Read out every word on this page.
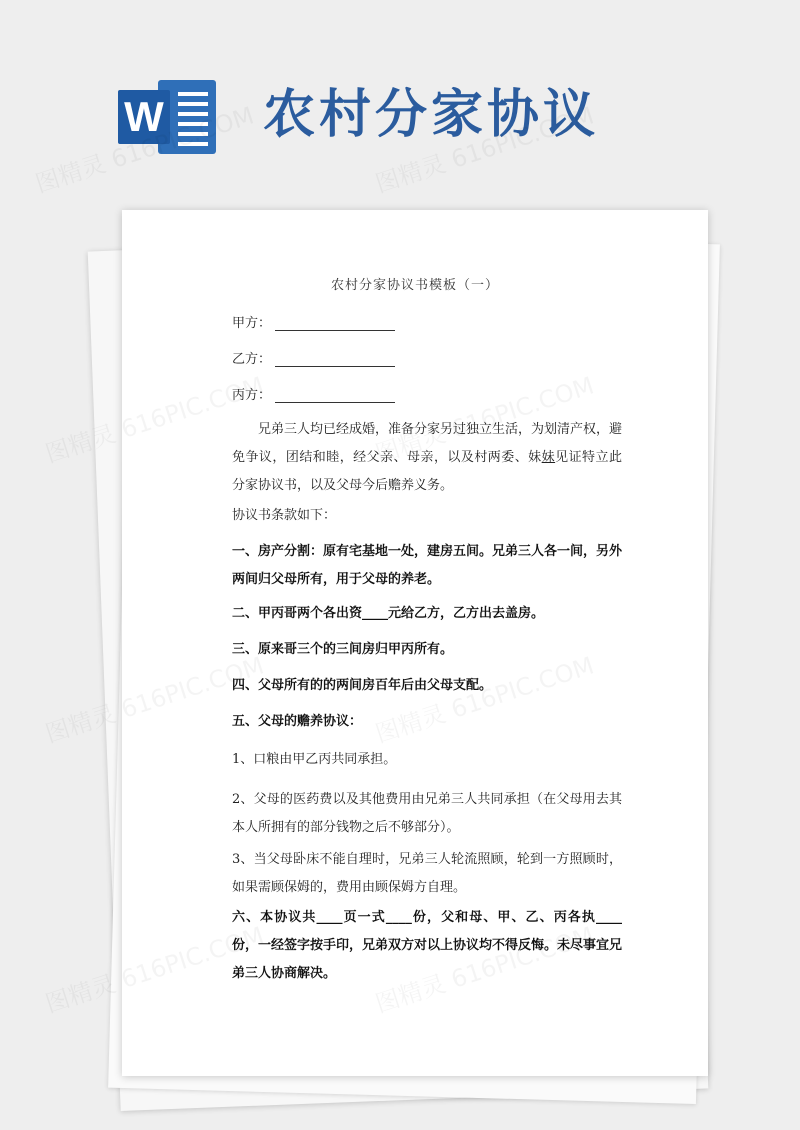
W 农村分家协议
农村分家协议书模板（一）
甲方：
乙方：
丙方：

兄弟三人均已经成婚，准备分家另过独立生活，为划清产权，避免争议，团结和睦，经父亲、母亲，以及村两委、妹妹见证特立此分家协议书，以及父母今后赡养义务。

协议书条款如下：

一、房产分割：原有宅基地一处，建房五间。兄弟三人各一间，另外两间归父母所有，用于父母的养老。

二、甲丙哥两个各出资____元给乙方，乙方出去盖房。

三、原来哥三个的三间房归甲丙所有。

四、父母所有的的两间房百年后由父母支配。

五、父母的赡养协议：

1、口粮由甲乙丙共同承担。

2、父母的医药费以及其他费用由兄弟三人共同承担（在父母用去其本人所拥有的部分钱物之后不够部分）。

3、当父母卧床不能自理时，兄弟三人轮流照顾，轮到一方照顾时，如果需顾保姆的，费用由顾保姆方自理。

六、本协议共____页一式____份，父和母、甲、乙、丙各执____份，一经签字按手印，兄弟双方对以上协议均不得反悔。未尽事宜兄弟三人协商解决。
